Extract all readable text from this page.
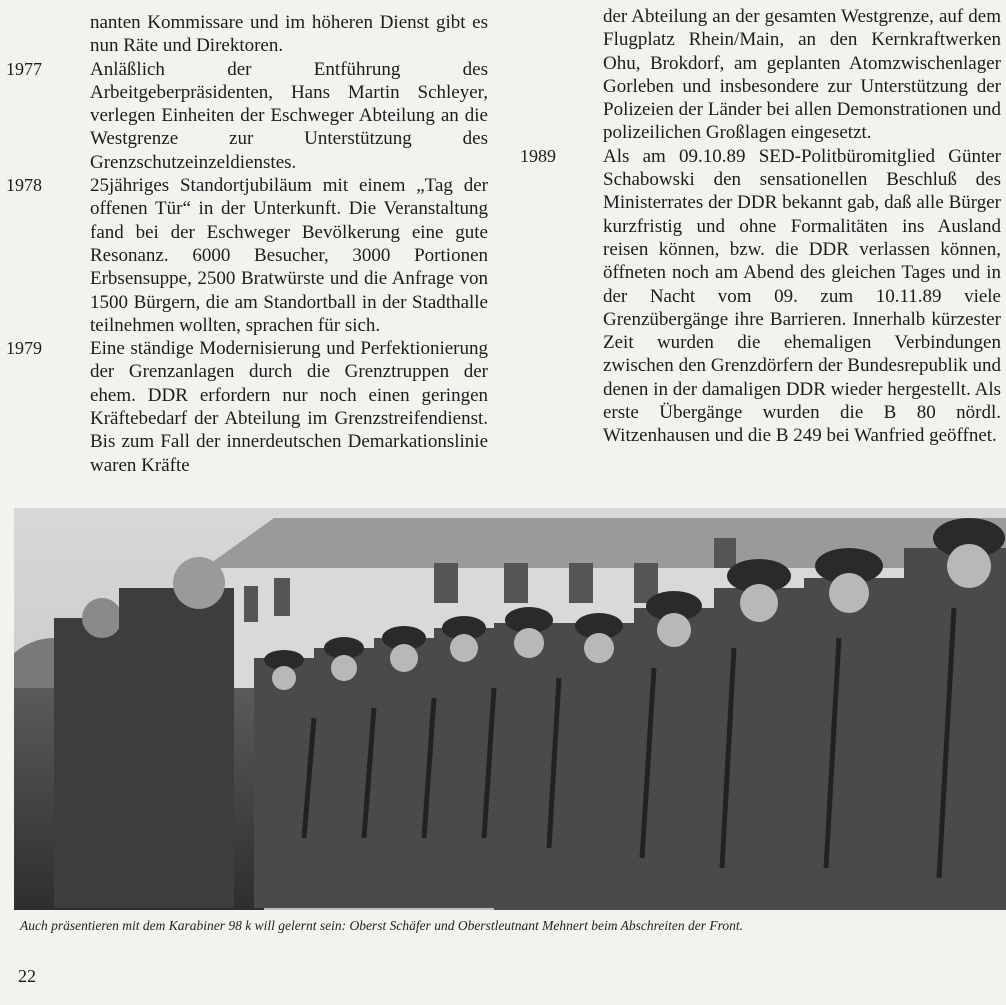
nanten Kommissare und im höheren Dienst gibt es nun Räte und Direktoren.
1977	Anläßlich der Entführung des Arbeitgeberpräsidenten, Hans Martin Schleyer, verlegen Einheiten der Eschweger Abteilung an die Westgrenze zur Unterstützung des Grenzschutzeinzeldienstes.
1978	25jähriges Standortjubiläum mit einem „Tag der offenen Tür“ in der Unterkunft. Die Veranstaltung fand bei der Eschweger Bevölkerung eine gute Resonanz. 6000 Besucher, 3000 Portionen Erbsensuppe, 2500 Bratwürste und die Anfrage von 1500 Bürgern, die am Standortball in der Stadthalle teilnehmen wollten, sprachen für sich.
1979	Eine ständige Modernisierung und Perfektionierung der Grenzanlagen durch die Grenztruppen der ehem. DDR erfordern nur noch einen geringen Kräftebedarf der Abteilung im Grenzstreifendienst. Bis zum Fall der innerdeutschen Demarkationslinie waren Kräfte
der Abteilung an der gesamten Westgrenze, auf dem Flugplatz Rhein/Main, an den Kernkraftwerken Ohu, Brokdorf, am geplanten Atomzwischenlager Gorleben und insbesondere zur Unterstützung der Polizeien der Länder bei allen Demonstrationen und polizeilichen Großlagen eingesetzt.
1989	Als am 09.10.89 SED-Politbüromitglied Günter Schabowski den sensationellen Beschluß des Ministerrates der DDR bekannt gab, daß alle Bürger kurzfristig und ohne Formalitäten ins Ausland reisen können, bzw. die DDR verlassen können, öffneten noch am Abend des gleichen Tages und in der Nacht vom 09. zum 10.11.89 viele Grenzübergänge ihre Barrieren. Innerhalb kürzester Zeit wurden die ehemaligen Verbindungen zwischen den Grenzdörfern der Bundesrepublik und denen in der damaligen DDR wieder hergestellt. Als erste Übergänge wurden die B 80 nördl. Witzenhausen und die B 249 bei Wanfried geöffnet.
Auch präsentieren mit dem Karabiner 98 k will gelernt sein: Oberst Schäfer und Oberstleutnant Mehnert beim Abschreiten der Front.
22
